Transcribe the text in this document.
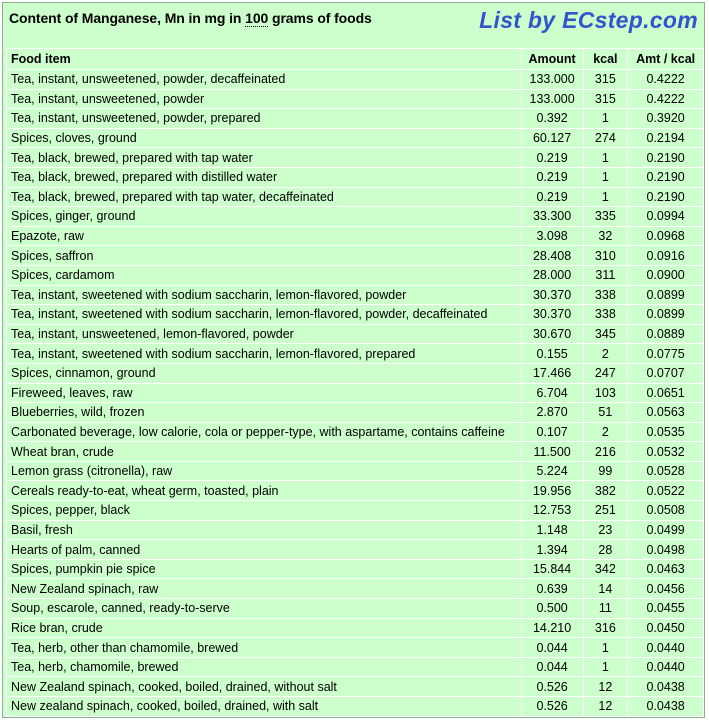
Content of Manganese, Mn in mg in 100 grams of foods	List by ECstep.com
Food item	Amount	kcal	Amt / kcal
Tea, instant, unsweetened, powder, decaffeinated	133.000	315	0.4222
Tea, instant, unsweetened, powder	133.000	315	0.4222
Tea, instant, unsweetened, powder, prepared	0.392	1	0.3920
Spices, cloves, ground	60.127	274	0.2194
Tea, black, brewed, prepared with tap water	0.219	1	0.2190
Tea, black, brewed, prepared with distilled water	0.219	1	0.2190
Tea, black, brewed, prepared with tap water, decaffeinated	0.219	1	0.2190
Spices, ginger, ground	33.300	335	0.0994
Epazote, raw	3.098	32	0.0968
Spices, saffron	28.408	310	0.0916
Spices, cardamom	28.000	311	0.0900
Tea, instant, sweetened with sodium saccharin, lemon-flavored, powder	30.370	338	0.0899
Tea, instant, sweetened with sodium saccharin, lemon-flavored, powder, decaffeinated	30.370	338	0.0899
Tea, instant, unsweetened, lemon-flavored, powder	30.670	345	0.0889
Tea, instant, sweetened with sodium saccharin, lemon-flavored, prepared	0.155	2	0.0775
Spices, cinnamon, ground	17.466	247	0.0707
Fireweed, leaves, raw	6.704	103	0.0651
Blueberries, wild, frozen	2.870	51	0.0563
Carbonated beverage, low calorie, cola or pepper-type, with aspartame, contains caffeine	0.107	2	0.0535
Wheat bran, crude	11.500	216	0.0532
Lemon grass (citronella), raw	5.224	99	0.0528
Cereals ready-to-eat, wheat germ, toasted, plain	19.956	382	0.0522
Spices, pepper, black	12.753	251	0.0508
Basil, fresh	1.148	23	0.0499
Hearts of palm, canned	1.394	28	0.0498
Spices, pumpkin pie spice	15.844	342	0.0463
New Zealand spinach, raw	0.639	14	0.0456
Soup, escarole, canned, ready-to-serve	0.500	11	0.0455
Rice bran, crude	14.210	316	0.0450
Tea, herb, other than chamomile, brewed	0.044	1	0.0440
Tea, herb, chamomile, brewed	0.044	1	0.0440
New Zealand spinach, cooked, boiled, drained, without salt	0.526	12	0.0438
New zealand spinach, cooked, boiled, drained, with salt	0.526	12	0.0438
